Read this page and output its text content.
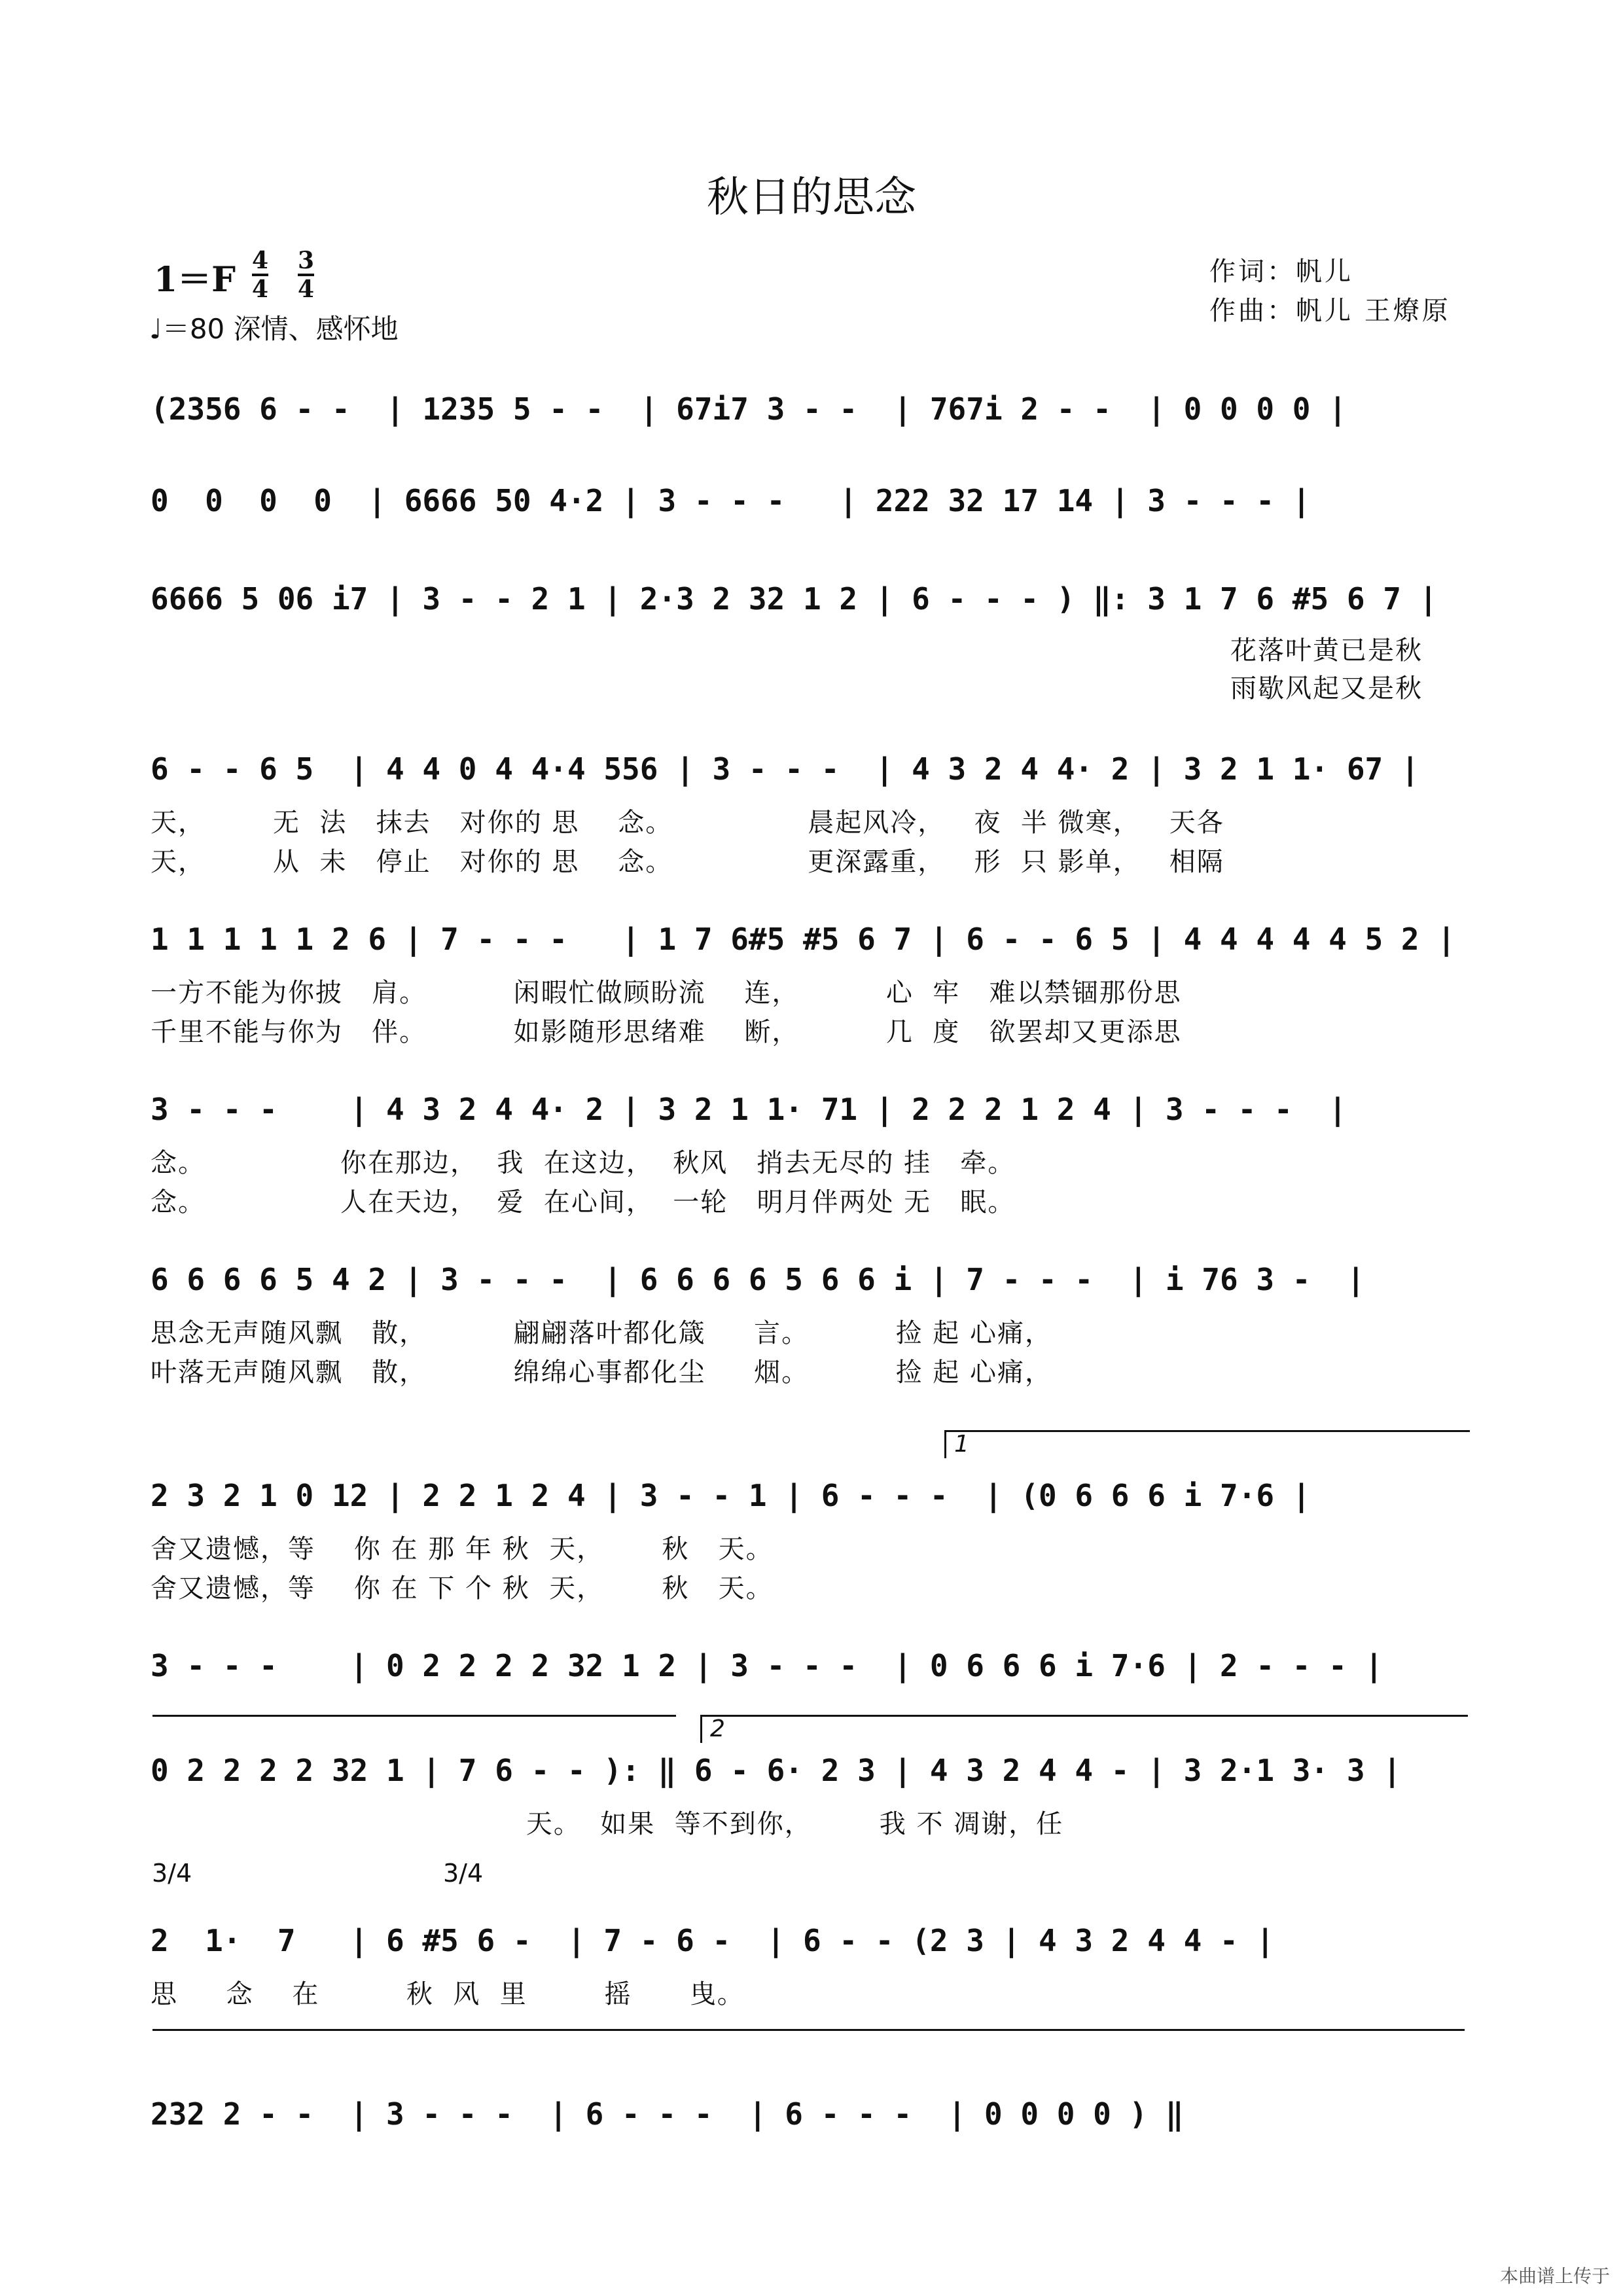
秋日的思念
1＝F 4
4
3
4
♩＝80 深情、感怀地
作词：帆儿
作曲：帆儿 王燎原
(2356 6 - -  | 1235 5 - -  | 67i7 3 - -  | 767i 2 - -  | 0 0 0 0 |
0  0  0  0  | 6666 50 4·2 | 3 - - -   | 222 32 17 14 | 3 - - - |
6666 5 06 i7 | 3 - - 2 1 | 2·3 2 32 1 2 | 6 - - - ) ‖: 3 1 7 6 #5 6 7 |
花落叶黄已是秋
雨歇风起又是秋
6 - - 6 5  | 4 4 0 4 4·4 556 | 3 - - -  | 4 3 2 4 4· 2 | 3 2 1 1· 67 |
天，       无  法   抹去   对你的 思    念。              晨起风冷，   夜  半 微寒，   天各
天，       从  未   停止   对你的 思    念。              更深露重，   形  只 影单，   相隔
1 1 1 1 1 2 6 | 7 - - -   | 1 7 6#5 #5 6 7 | 6 - - 6 5 | 4 4 4 4 4 5 2 |
一方不能为你披   肩。         闲暇忙做顾盼流    连，         心  牢   难以禁锢那份思
千里不能与你为   伴。         如影随形思绪难    断，         几  度   欲罢却又更添思
3 - - -    | 4 3 2 4 4· 2 | 3 2 1 1· 71 | 2 2 2 1 2 4 | 3 - - -  |
念。              你在那边，  我  在这边，  秋风   捎去无尽的 挂   牵。
念。              人在天边，  爱  在心间，  一轮   明月伴两处 无   眠。
6 6 6 6 5 4 2 | 3 - - -  | 6 6 6 6 5 6 6 i | 7 - - -  | i 76 3 -  |
思念无声随风飘   散，         翩翩落叶都化箴     言。         捡 起 心痛，
叶落无声随风飘   散，         绵绵心事都化尘     烟。         捡 起 心痛，
1
2 3 2 1 0 12 | 2 2 1 2 4 | 3 - - 1 | 6 - - -  | (0 6 6 6 i 7·6 |
舍又遗憾，等    你 在 那 年 秋  天，      秋   天。
舍又遗憾，等    你 在 下 个 秋  天，      秋   天。
3 - - -    | 0 2 2 2 2 32 1 2 | 3 - - -  | 0 6 6 6 i 7·6 | 2 - - - |
2
0 2 2 2 2 32 1 | 7 6 - - ): ‖ 6 - 6· 2 3 | 4 3 2 4 4 - | 3 2·1 3· 3 |
天。  如果  等不到你，       我 不 凋谢，任
3/4	3/4
2  1·  7   | 6 #5 6 -  | 7 - 6 -  | 6 - - (2 3 | 4 3 2 4 4 - |
思     念    在         秋  风  里        摇      曳。
232 2 - -  | 3 - - -  | 6 - - -  | 6 - - -  | 0 0 0 0 ) ‖
本曲谱上传于
